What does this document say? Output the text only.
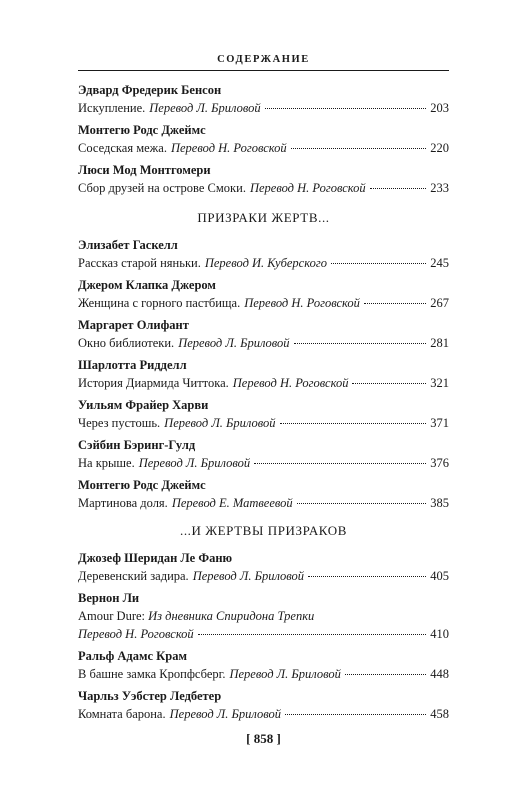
СОДЕРЖАНИЕ
Эдвард Фредерик Бенсон
Искупление. Перевод Л. Бриловой	203
Монтегю Родс Джеймс
Соседская межа. Перевод Н. Роговской	220
Люси Мод Монтгомери
Сбор друзей на острове Смоки. Перевод Н. Роговской	233
ПРИЗРАКИ ЖЕРТВ...
Элизабет Гаскелл
Рассказ старой няньки. Перевод И. Куберского	245
Джером Клапка Джером
Женщина с горного пастбища. Перевод Н. Роговской	267
Маргарет Олифант
Окно библиотеки. Перевод Л. Бриловой	281
Шарлотта Ридделл
История Диармида Читтока. Перевод Н. Роговской	321
Уильям Фрайер Харви
Через пустошь. Перевод Л. Бриловой	371
Сэйбин Бэринг-Гулд
На крыше. Перевод Л. Бриловой	376
Монтегю Родс Джеймс
Мартинова доля. Перевод Е. Матвеевой	385
...И ЖЕРТВЫ ПРИЗРАКОВ
Джозеф Шеридан Ле Фаню
Деревенский задира. Перевод Л. Бриловой	405
Вернон Ли
Amour Dure: Из дневника Спиридона Трепки
Перевод Н. Роговской	410
Ральф Адамс Крам
В башне замка Кропфсберг. Перевод Л. Бриловой	448
Чарльз Уэбстер Ледбетер
Комната барона. Перевод Л. Бриловой	458
[ 858 ]
